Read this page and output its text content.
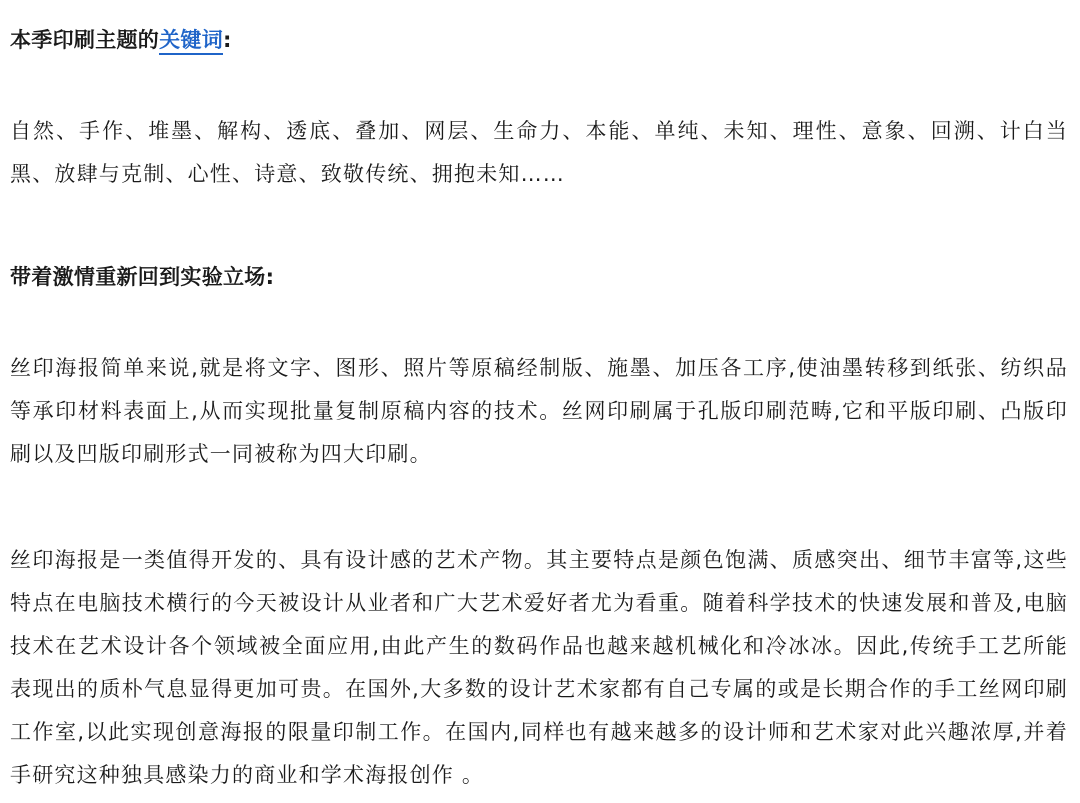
本季印刷主题的关键词:

自然、手作、堆墨、解构、透底、叠加、网层、生命力、本能、单纯、未知、理性、意象、回溯、计白当黑、放肆与克制、心性、诗意、致敬传统、拥抱未知……

带着激情重新回到实验立场:

丝印海报简单来说,就是将文字、图形、照片等原稿经制版、施墨、加压各工序,使油墨转移到纸张、纺织品等承印材料表面上,从而实现批量复制原稿内容的技术。丝网印刷属于孔版印刷范畴,它和平版印刷、凸版印刷以及凹版印刷形式一同被称为四大印刷。

丝印海报是一类值得开发的、具有设计感的艺术产物。其主要特点是颜色饱满、质感突出、细节丰富等,这些特点在电脑技术横行的今天被设计从业者和广大艺术爱好者尤为看重。随着科学技术的快速发展和普及,电脑技术在艺术设计各个领域被全面应用,由此产生的数码作品也越来越机械化和冷冰冰。因此,传统手工艺所能表现出的质朴气息显得更加可贵。在国外,大多数的设计艺术家都有自己专属的或是长期合作的手工丝网印刷工作室,以此实现创意海报的限量印制工作。在国内,同样也有越来越多的设计师和艺术家对此兴趣浓厚,并着手研究这种独具感染力的商业和学术海报创作 。
